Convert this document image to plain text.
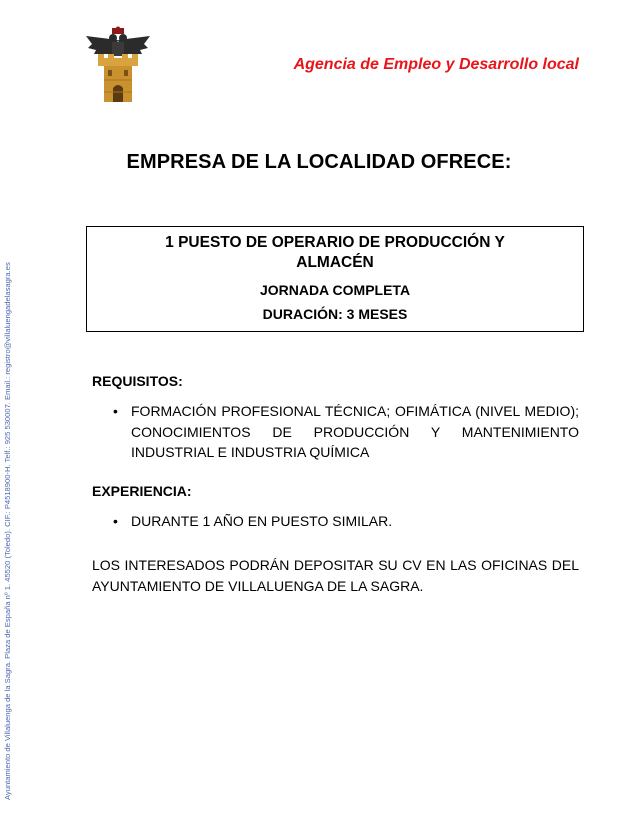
Agencia de Empleo y Desarrollo local
EMPRESA DE LA LOCALIDAD OFRECE:
1 PUESTO DE OPERARIO DE PRODUCCIÓN Y ALMACÉN
JORNADA COMPLETA
DURACIÓN: 3 MESES
REQUISITOS:
• FORMACIÓN PROFESIONAL TÉCNICA; OFIMÁTICA (NIVEL MEDIO); CONOCIMIENTOS DE PRODUCCIÓN Y MANTENIMIENTO INDUSTRIAL E INDUSTRIA QUÍMICA
EXPERIENCIA:
• DURANTE 1 AÑO EN PUESTO SIMILAR.
LOS INTERESADOS PODRÁN DEPOSITAR SU CV EN LAS OFICINAS DEL AYUNTAMIENTO DE VILLALUENGA DE LA SAGRA.
Ayuntamiento de Villaluenga de la Sagra. Plaza de España nº 1. 45520 (Toledo). CIF.: P4518900-H. Telf.: 925 530007. Email.: registro@villaluengadelasagra.es
